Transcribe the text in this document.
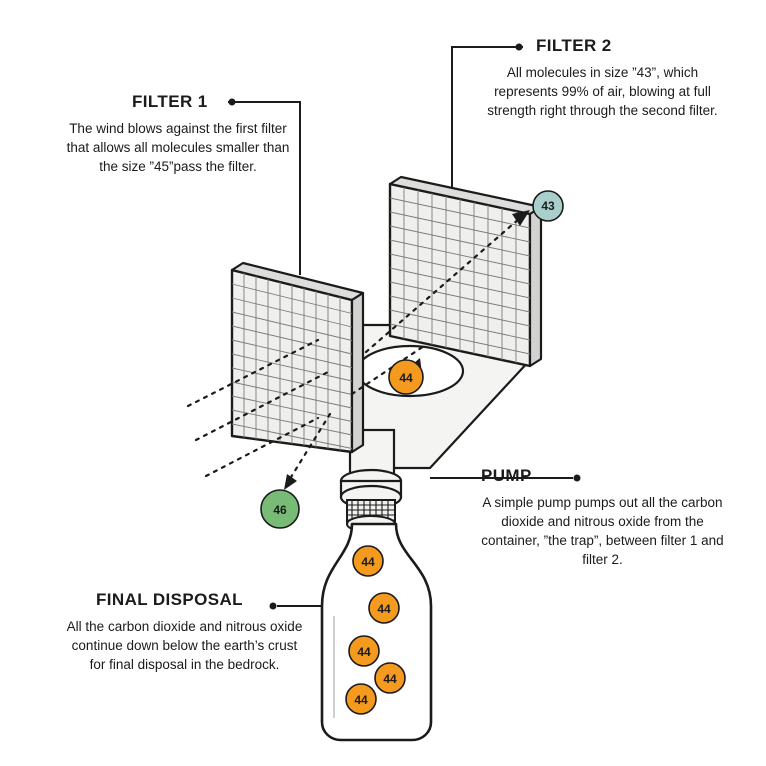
43
44
46
44
44
44
44
44
FILTER 1
The wind blows against the first filter that allows all molecules smaller than the size ”45”pass the filter.
FILTER 2
All molecules in size ”43”, which represents 99% of air, blowing at full strength right through the second filter.
PUMP
A simple pump pumps out all the carbon dioxide and nitrous oxide from the container, ”the trap”, between filter 1 and filter 2.
FINAL DISPOSAL
All the carbon dioxide and nitrous oxide continue down below the earth’s crust for final disposal in the bedrock.
